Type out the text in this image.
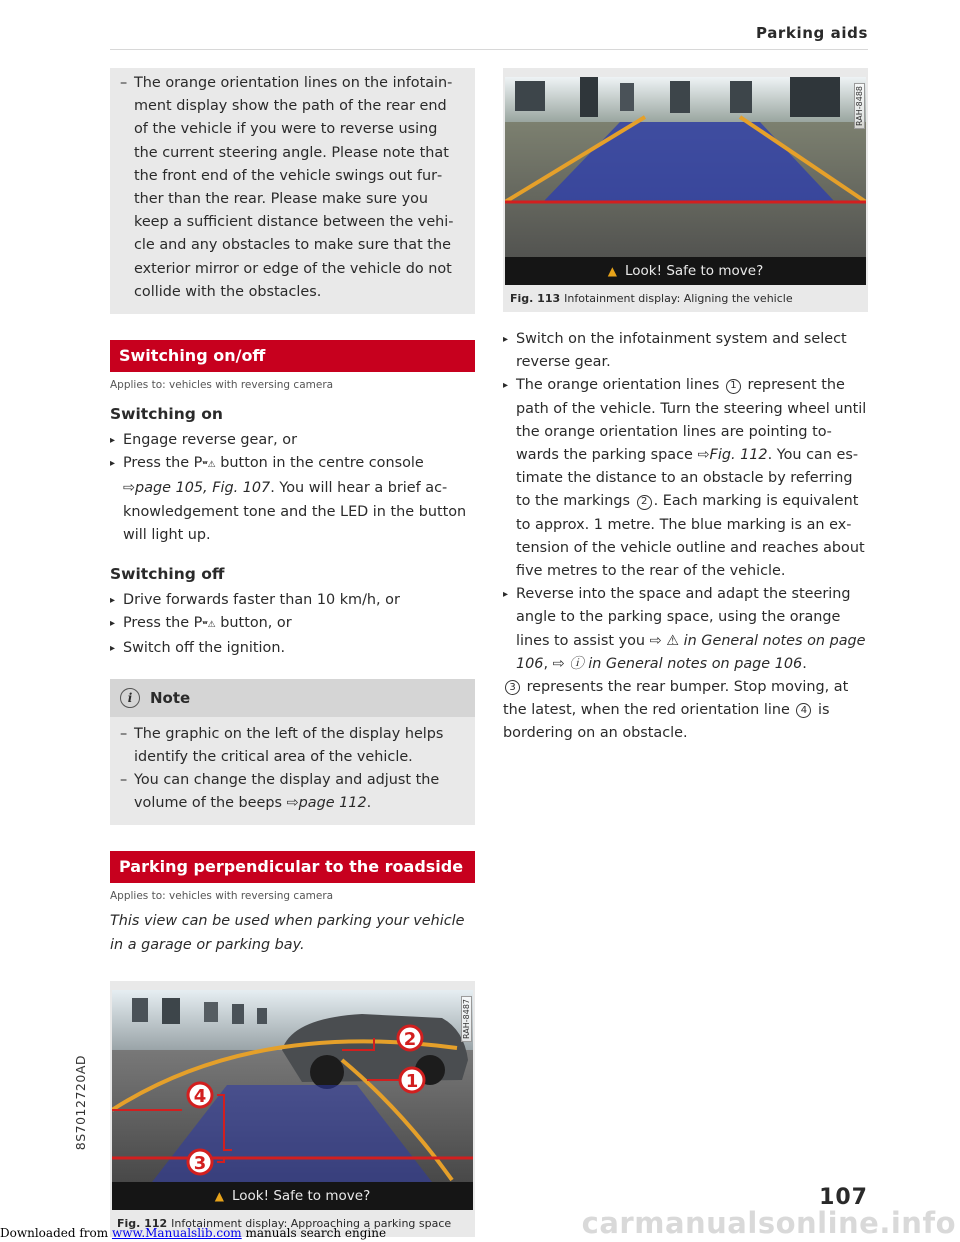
Parking aids
– The orange orientation lines on the infotainment display show the path of the rear end of the vehicle if you were to reverse using the current steering angle. Please note that the front end of the vehicle swings out further than the rear. Please make sure you keep a sufficient distance between the vehicle and any obstacles to make sure that the exterior mirror or edge of the vehicle do not collide with the obstacles.
Switching on/off
Applies to: vehicles with reversing camera
Switching on
▸ Engage reverse gear, or
▸ Press the Pʷ⚠ button in the centre console
⇨page 105, Fig. 107. You will hear a brief acknowledgement tone and the LED in the button will light up.
Switching off
▸ Drive forwards faster than 10 km/h, or
▸ Press the Pʷ⚠ button, or
▸ Switch off the ignition.
i	Note
– The graphic on the left of the display helps identify the critical area of the vehicle.
– You can change the display and adjust the volume of the beeps ⇨page 112.
Parking perpendicular to the roadside
Applies to: vehicles with reversing camera
This view can be used when parking your vehicle in a garage or parking bay.
2
1
4
3
RAH-8487
▲ Look! Safe to move?
Fig. 112 Infotainment display: Approaching a parking space
RAH-8488
▲ Look! Safe to move?
Fig. 113 Infotainment display: Aligning the vehicle
▸ Switch on the infotainment system and select reverse gear.
▸ The orange orientation lines 1 represent the path of the vehicle. Turn the steering wheel until the orange orientation lines are pointing towards the parking space ⇨Fig. 112. You can estimate the distance to an obstacle by referring to the markings 2 . Each marking is equivalent to approx. 1 metre. The blue marking is an extension of the vehicle outline and reaches about five metres to the rear of the vehicle.
▸ Reverse into the space and adapt the steering angle to the parking space, using the orange lines to assist you ⇨ ⚠ in General notes on page 106, ⇨ ⓘ in General notes on page 106.
3 represents the rear bumper. Stop moving, at the latest, when the red orientation line 4 is bordering on an obstacle.
8S7012720AD
107
Downloaded from www.Manualslib.com manuals search engine	carmanualsonline.info
